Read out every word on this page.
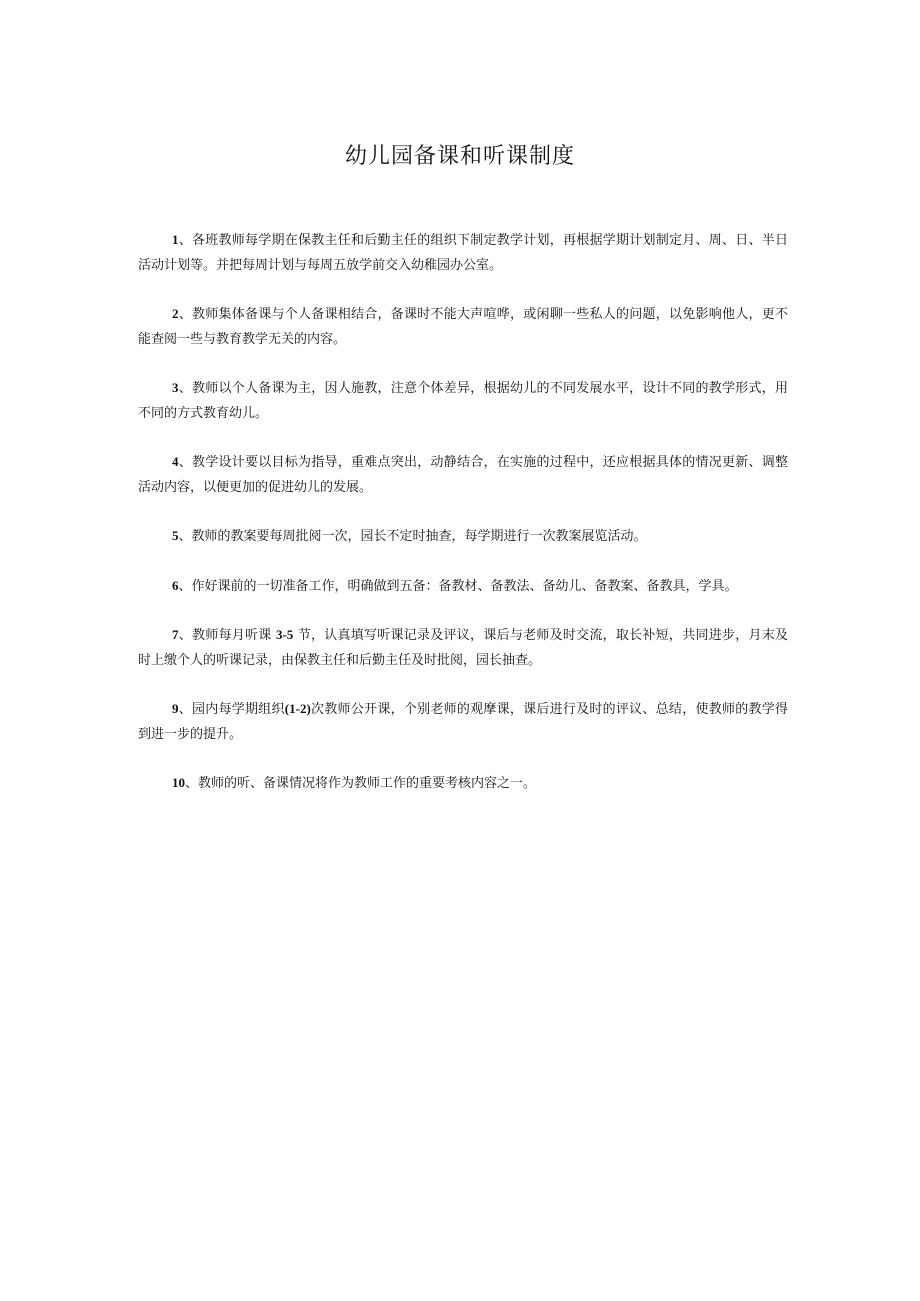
幼儿园备课和听课制度

1、各班教师每学期在保教主任和后勤主任的组织下制定教学计划，再根据学期计划制定月、周、日、半日活动计划等。并把每周计划与每周五放学前交入幼稚园办公室。

2、教师集体备课与个人备课相结合，备课时不能大声喧哗，或闲聊一些私人的问题，以免影响他人，更不能查阅一些与教育教学无关的内容。

3、教师以个人备课为主，因人施教，注意个体差异，根据幼儿的不同发展水平，设计不同的教学形式，用不同的方式教育幼儿。

4、教学设计要以目标为指导，重难点突出，动静结合，在实施的过程中，还应根据具体的情况更新、调整活动内容，以便更加的促进幼儿的发展。

5、教师的教案要每周批阅一次，园长不定时抽查，每学期进行一次教案展览活动。

6、作好课前的一切准备工作，明确做到五备：备教材、备教法、备幼儿、备教案、备教具，学具。

7、教师每月听课 3-5 节，认真填写听课记录及评议，课后与老师及时交流，取长补短，共同进步，月末及时上缴个人的听课记录，由保教主任和后勤主任及时批阅，园长抽查。

9、园内每学期组织(1-2)次教师公开课，个别老师的观摩课，课后进行及时的评议、总结，使教师的教学得到进一步的提升。

10、教师的听、备课情况将作为教师工作的重要考核内容之一。
